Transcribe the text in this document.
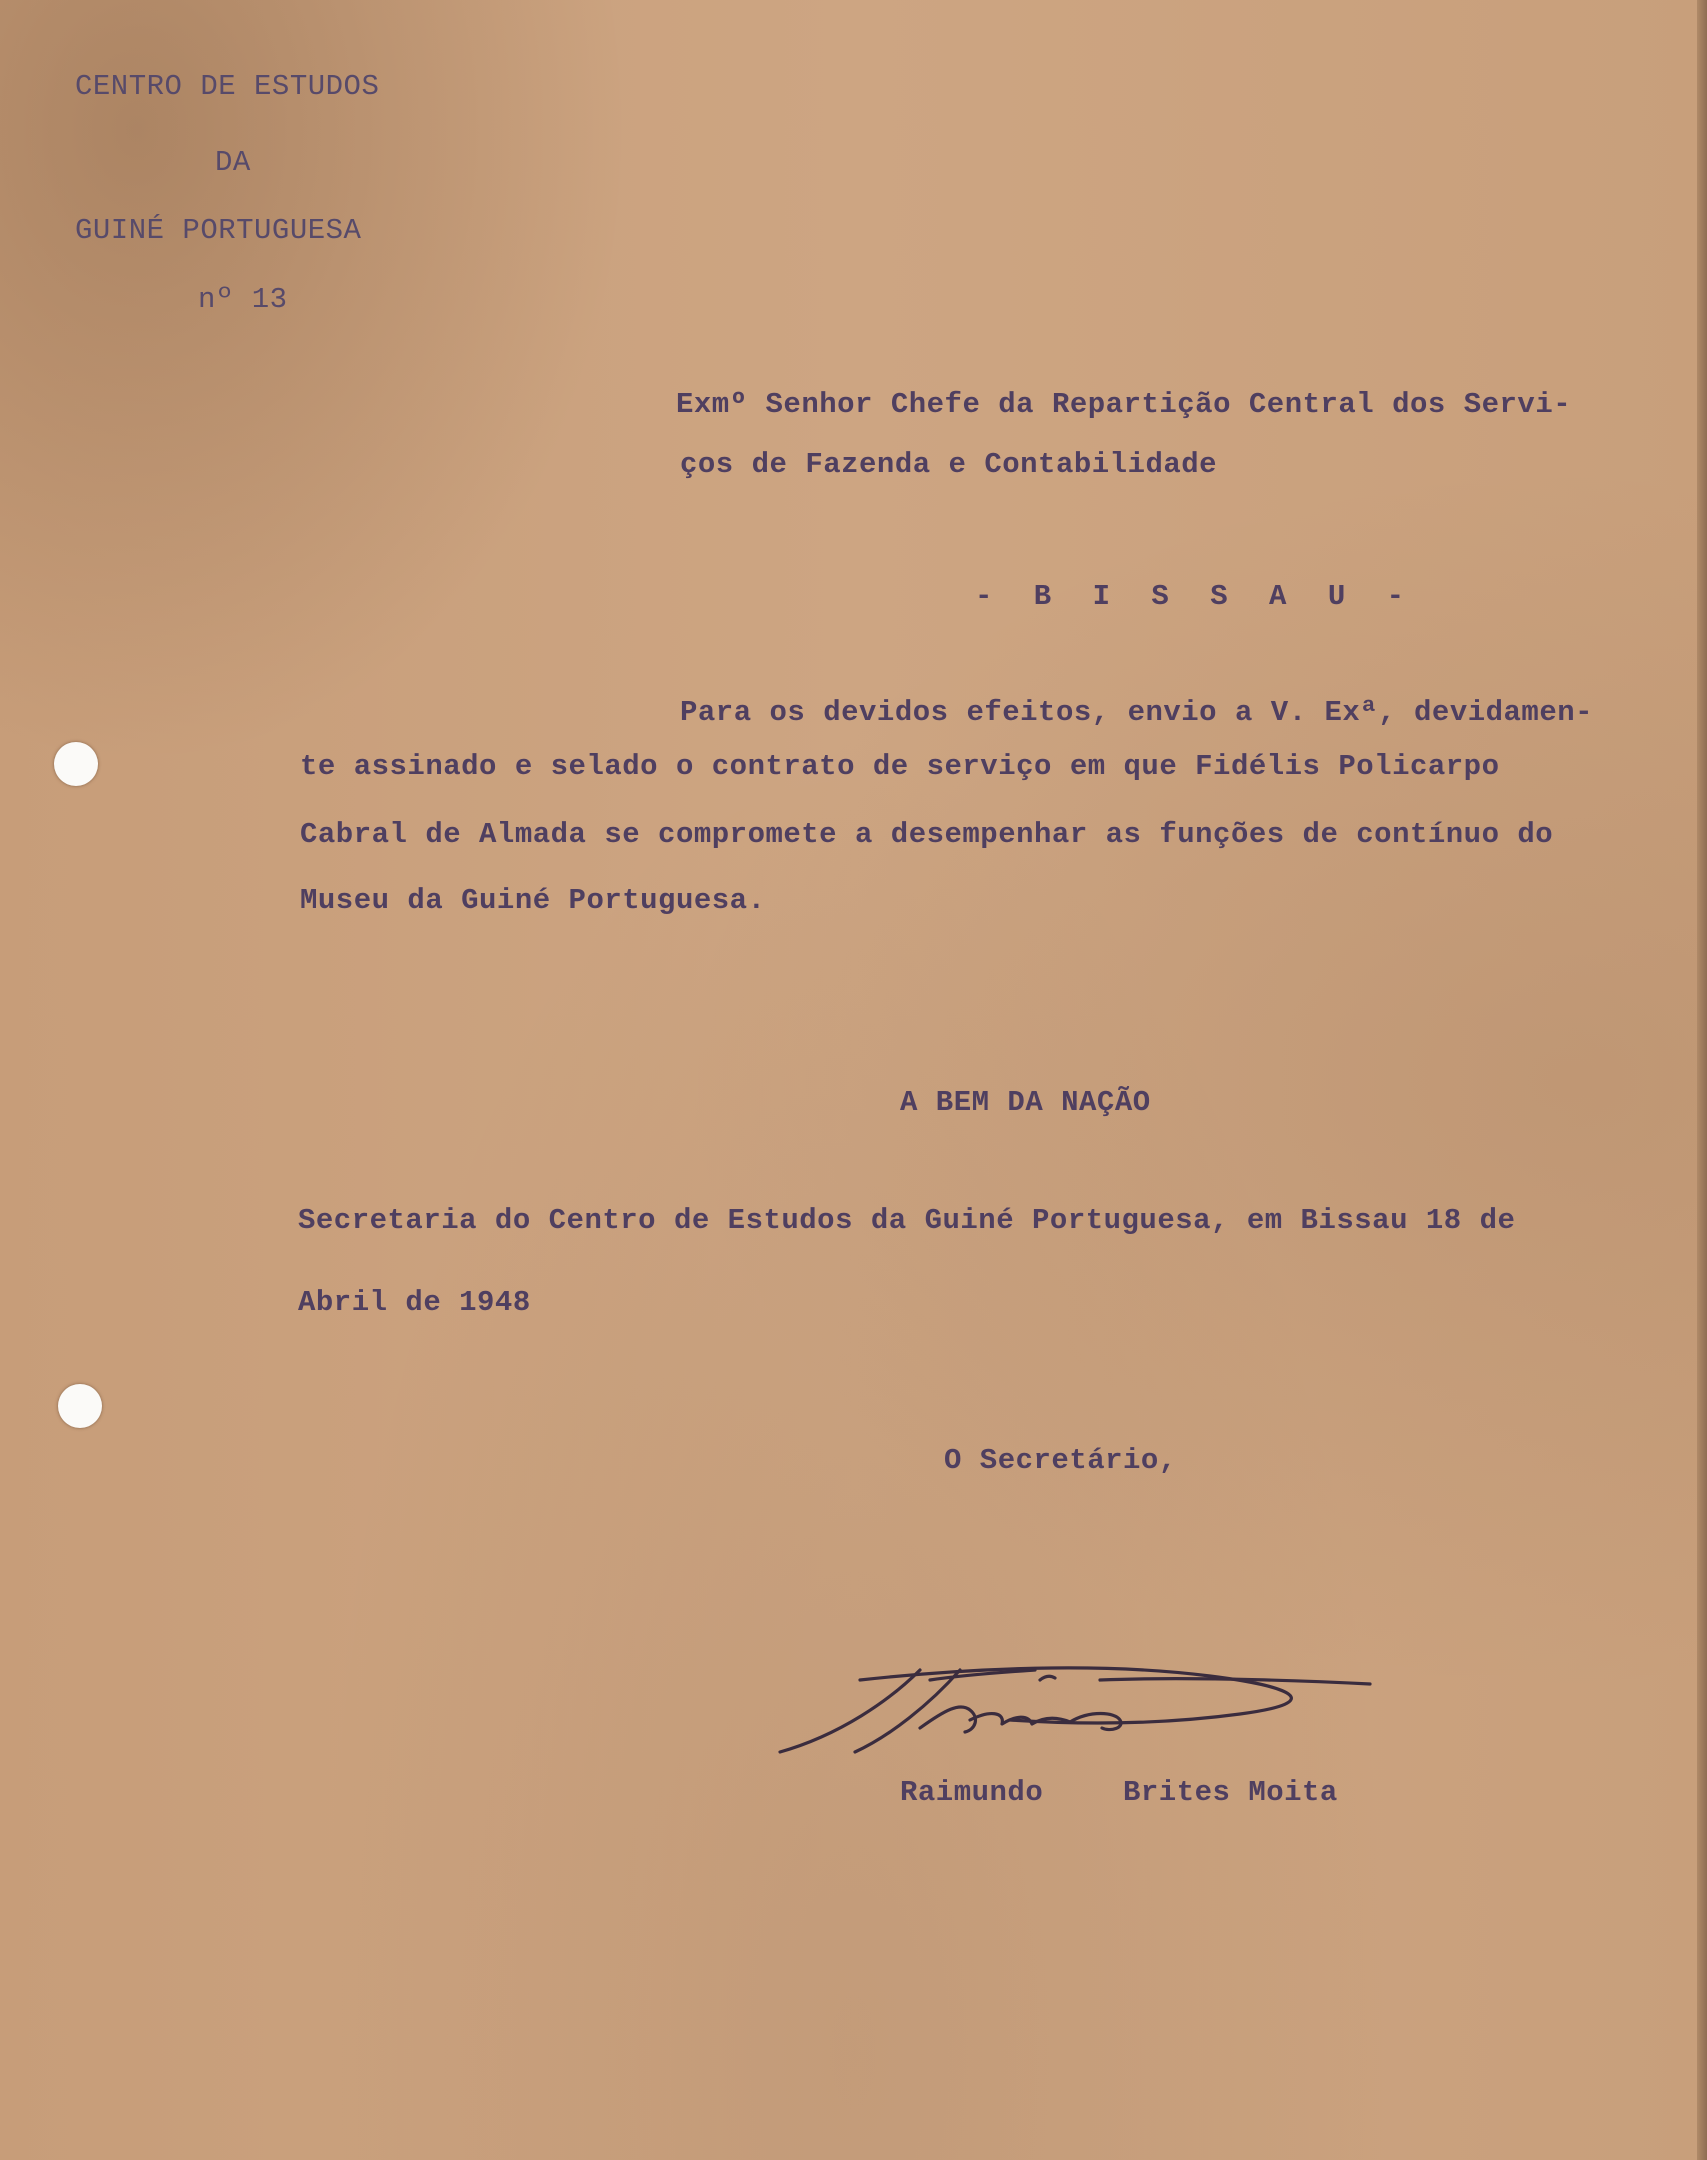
CENTRO DE ESTUDOS
DA
GUINÉ PORTUGUESA
nº 13
Exmº Senhor Chefe da Repartição Central dos Servi-
ços de Fazenda e Contabilidade
- B I S S A U -
Para os devidos efeitos, envio a V. Exª, devidamen-
te assinado e selado o contrato de serviço em que Fidélis Policarpo
Cabral de Almada se compromete a desempenhar as funções de contínuo do
Museu da Guiné Portuguesa.
A BEM DA NAÇÃO
Secretaria do Centro de Estudos da Guiné Portuguesa, em Bissau 18 de
Abril de 1948
O Secretário,
Raimundo	Brites Moita
